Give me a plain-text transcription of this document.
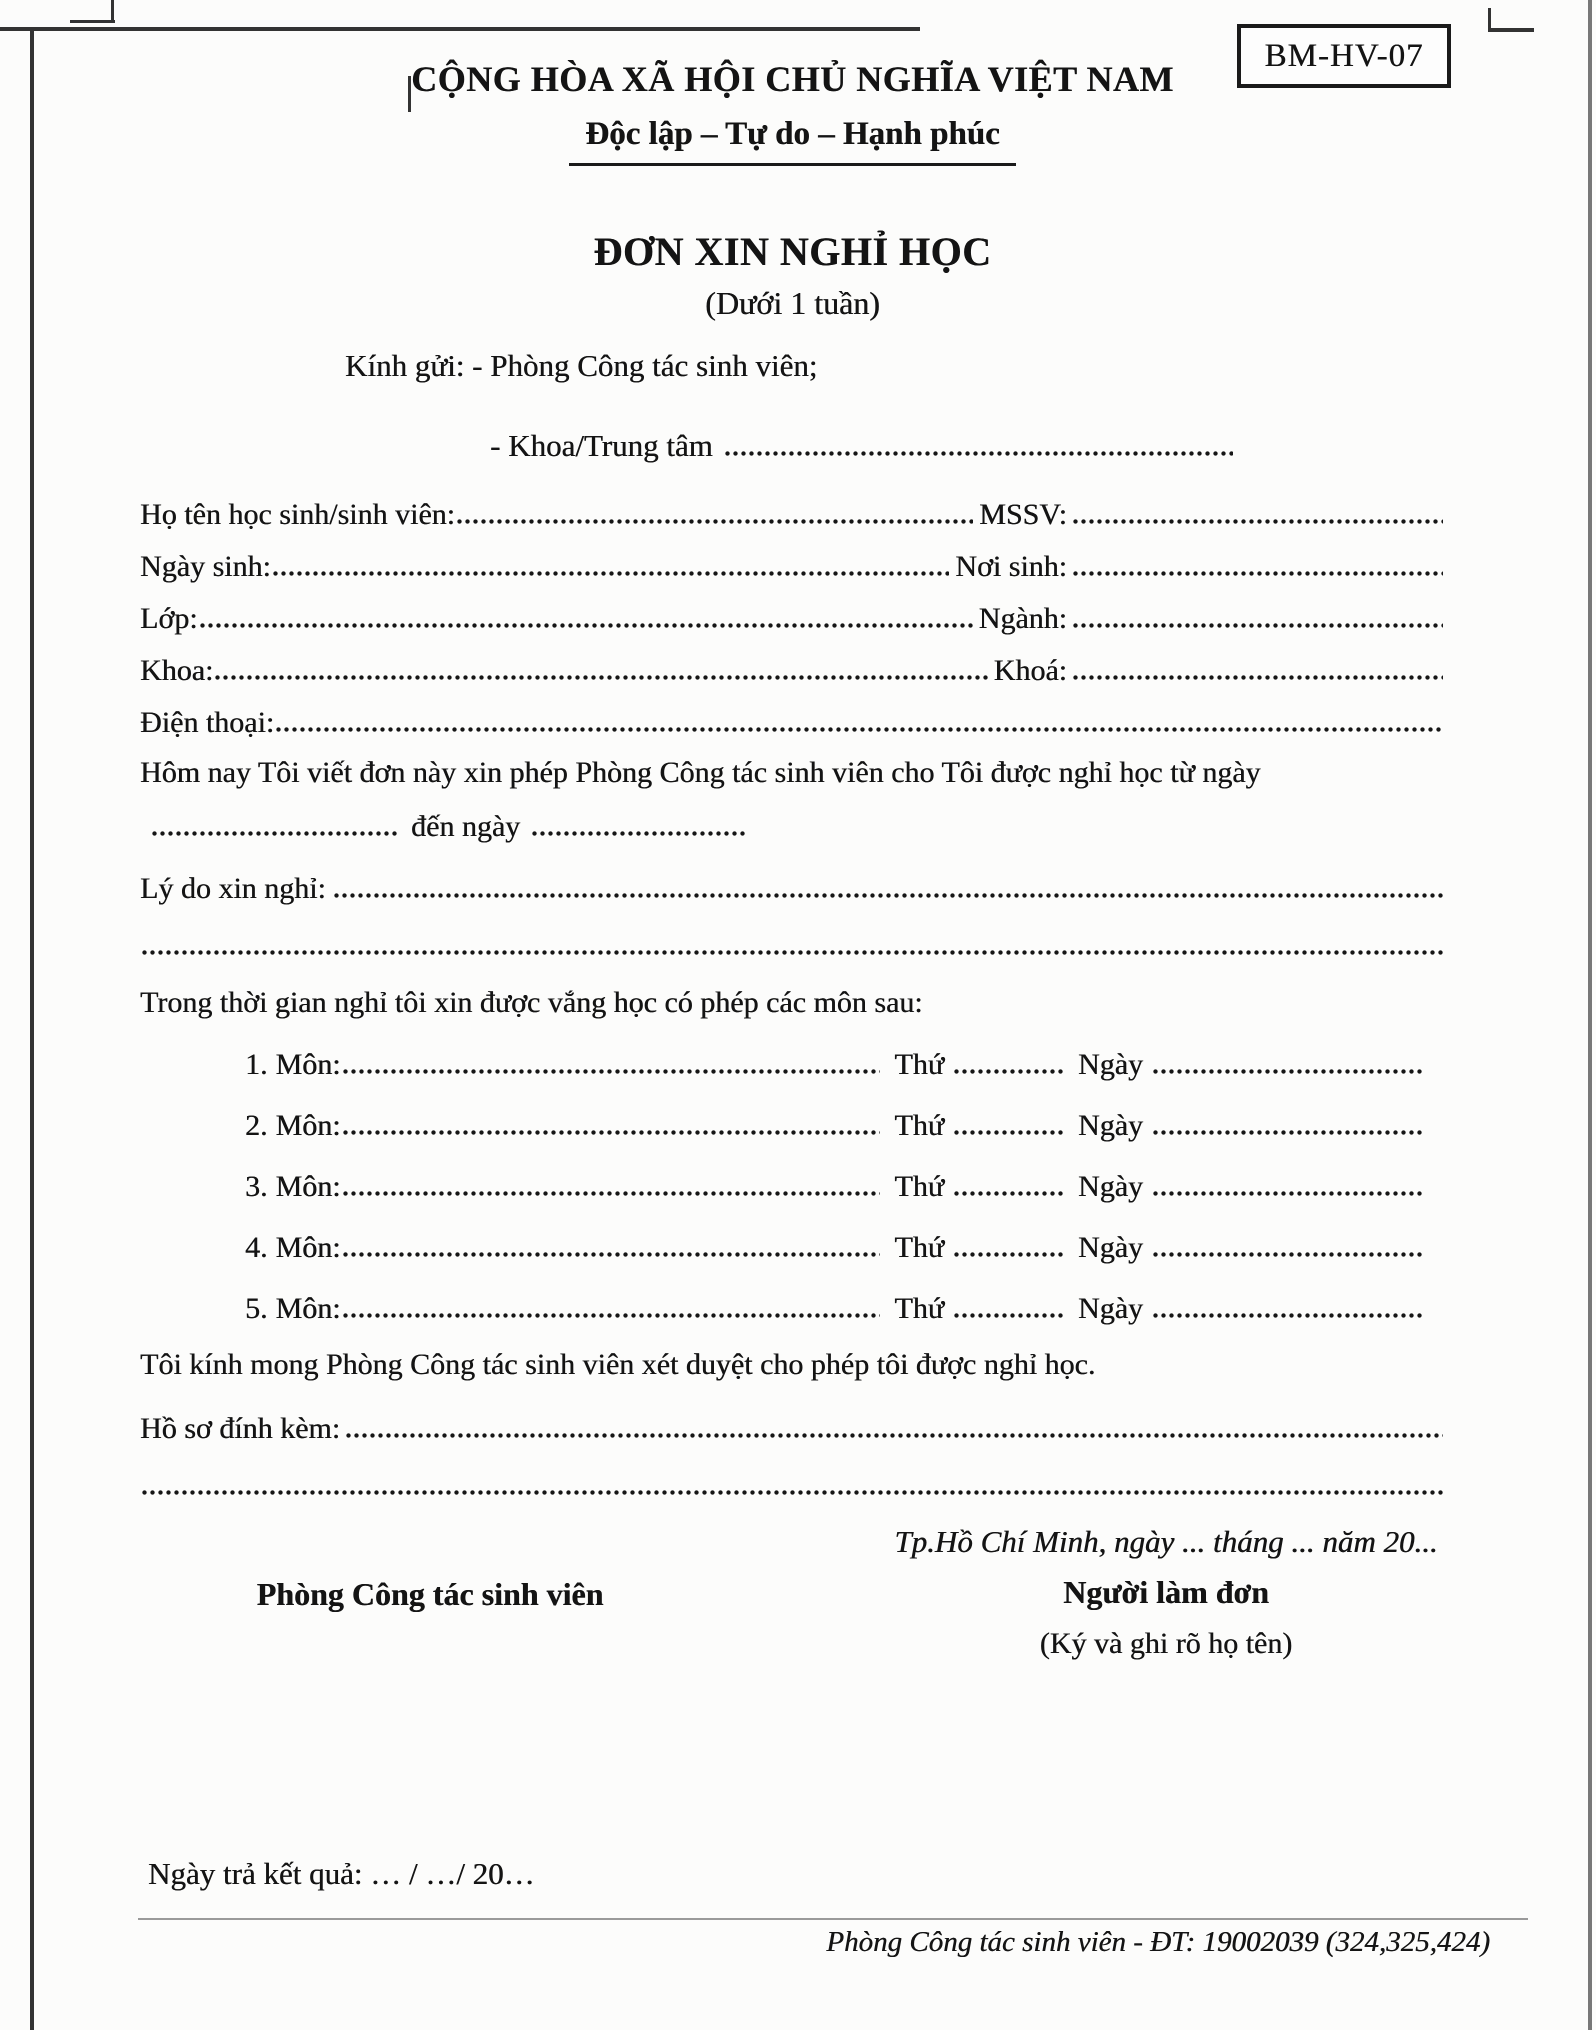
BM-HV-07
CỘNG HÒA XÃ HỘI CHỦ NGHĨA VIỆT NAM
Độc lập – Tự do – Hạnh phúc
ĐƠN XIN NGHỈ HỌC
(Dưới 1 tuần)
Kính gửi: - Phòng Công tác sinh viên;
- Khoa/Trung tâm
Họ tên học sinh/sinh viên:	MSSV:
Ngày sinh:	Nơi sinh:
Lớp:	Ngành:
Khoa:	Khoá:
Điện thoại:
Hôm nay Tôi viết đơn này xin phép Phòng Công tác sinh viên cho Tôi được nghỉ học từ ngày
đến ngày
Lý do xin nghỉ:
Trong thời gian nghỉ tôi xin được vắng học có phép các môn sau:
1. Môn:	Thứ	Ngày
2. Môn:	Thứ	Ngày
3. Môn:	Thứ	Ngày
4. Môn:	Thứ	Ngày
5. Môn:	Thứ	Ngày
Tôi kính mong Phòng Công tác sinh viên xét duyệt cho phép tôi được nghỉ học.
Hồ sơ đính kèm:
Tp.Hồ Chí Minh, ngày ... tháng ... năm 20...
Người làm đơn
(Ký và ghi rõ họ tên)
Phòng Công tác sinh viên
Ngày trả kết quả: … / …/ 20…
Phòng Công tác sinh viên - ĐT: 19002039 (324,325,424)
